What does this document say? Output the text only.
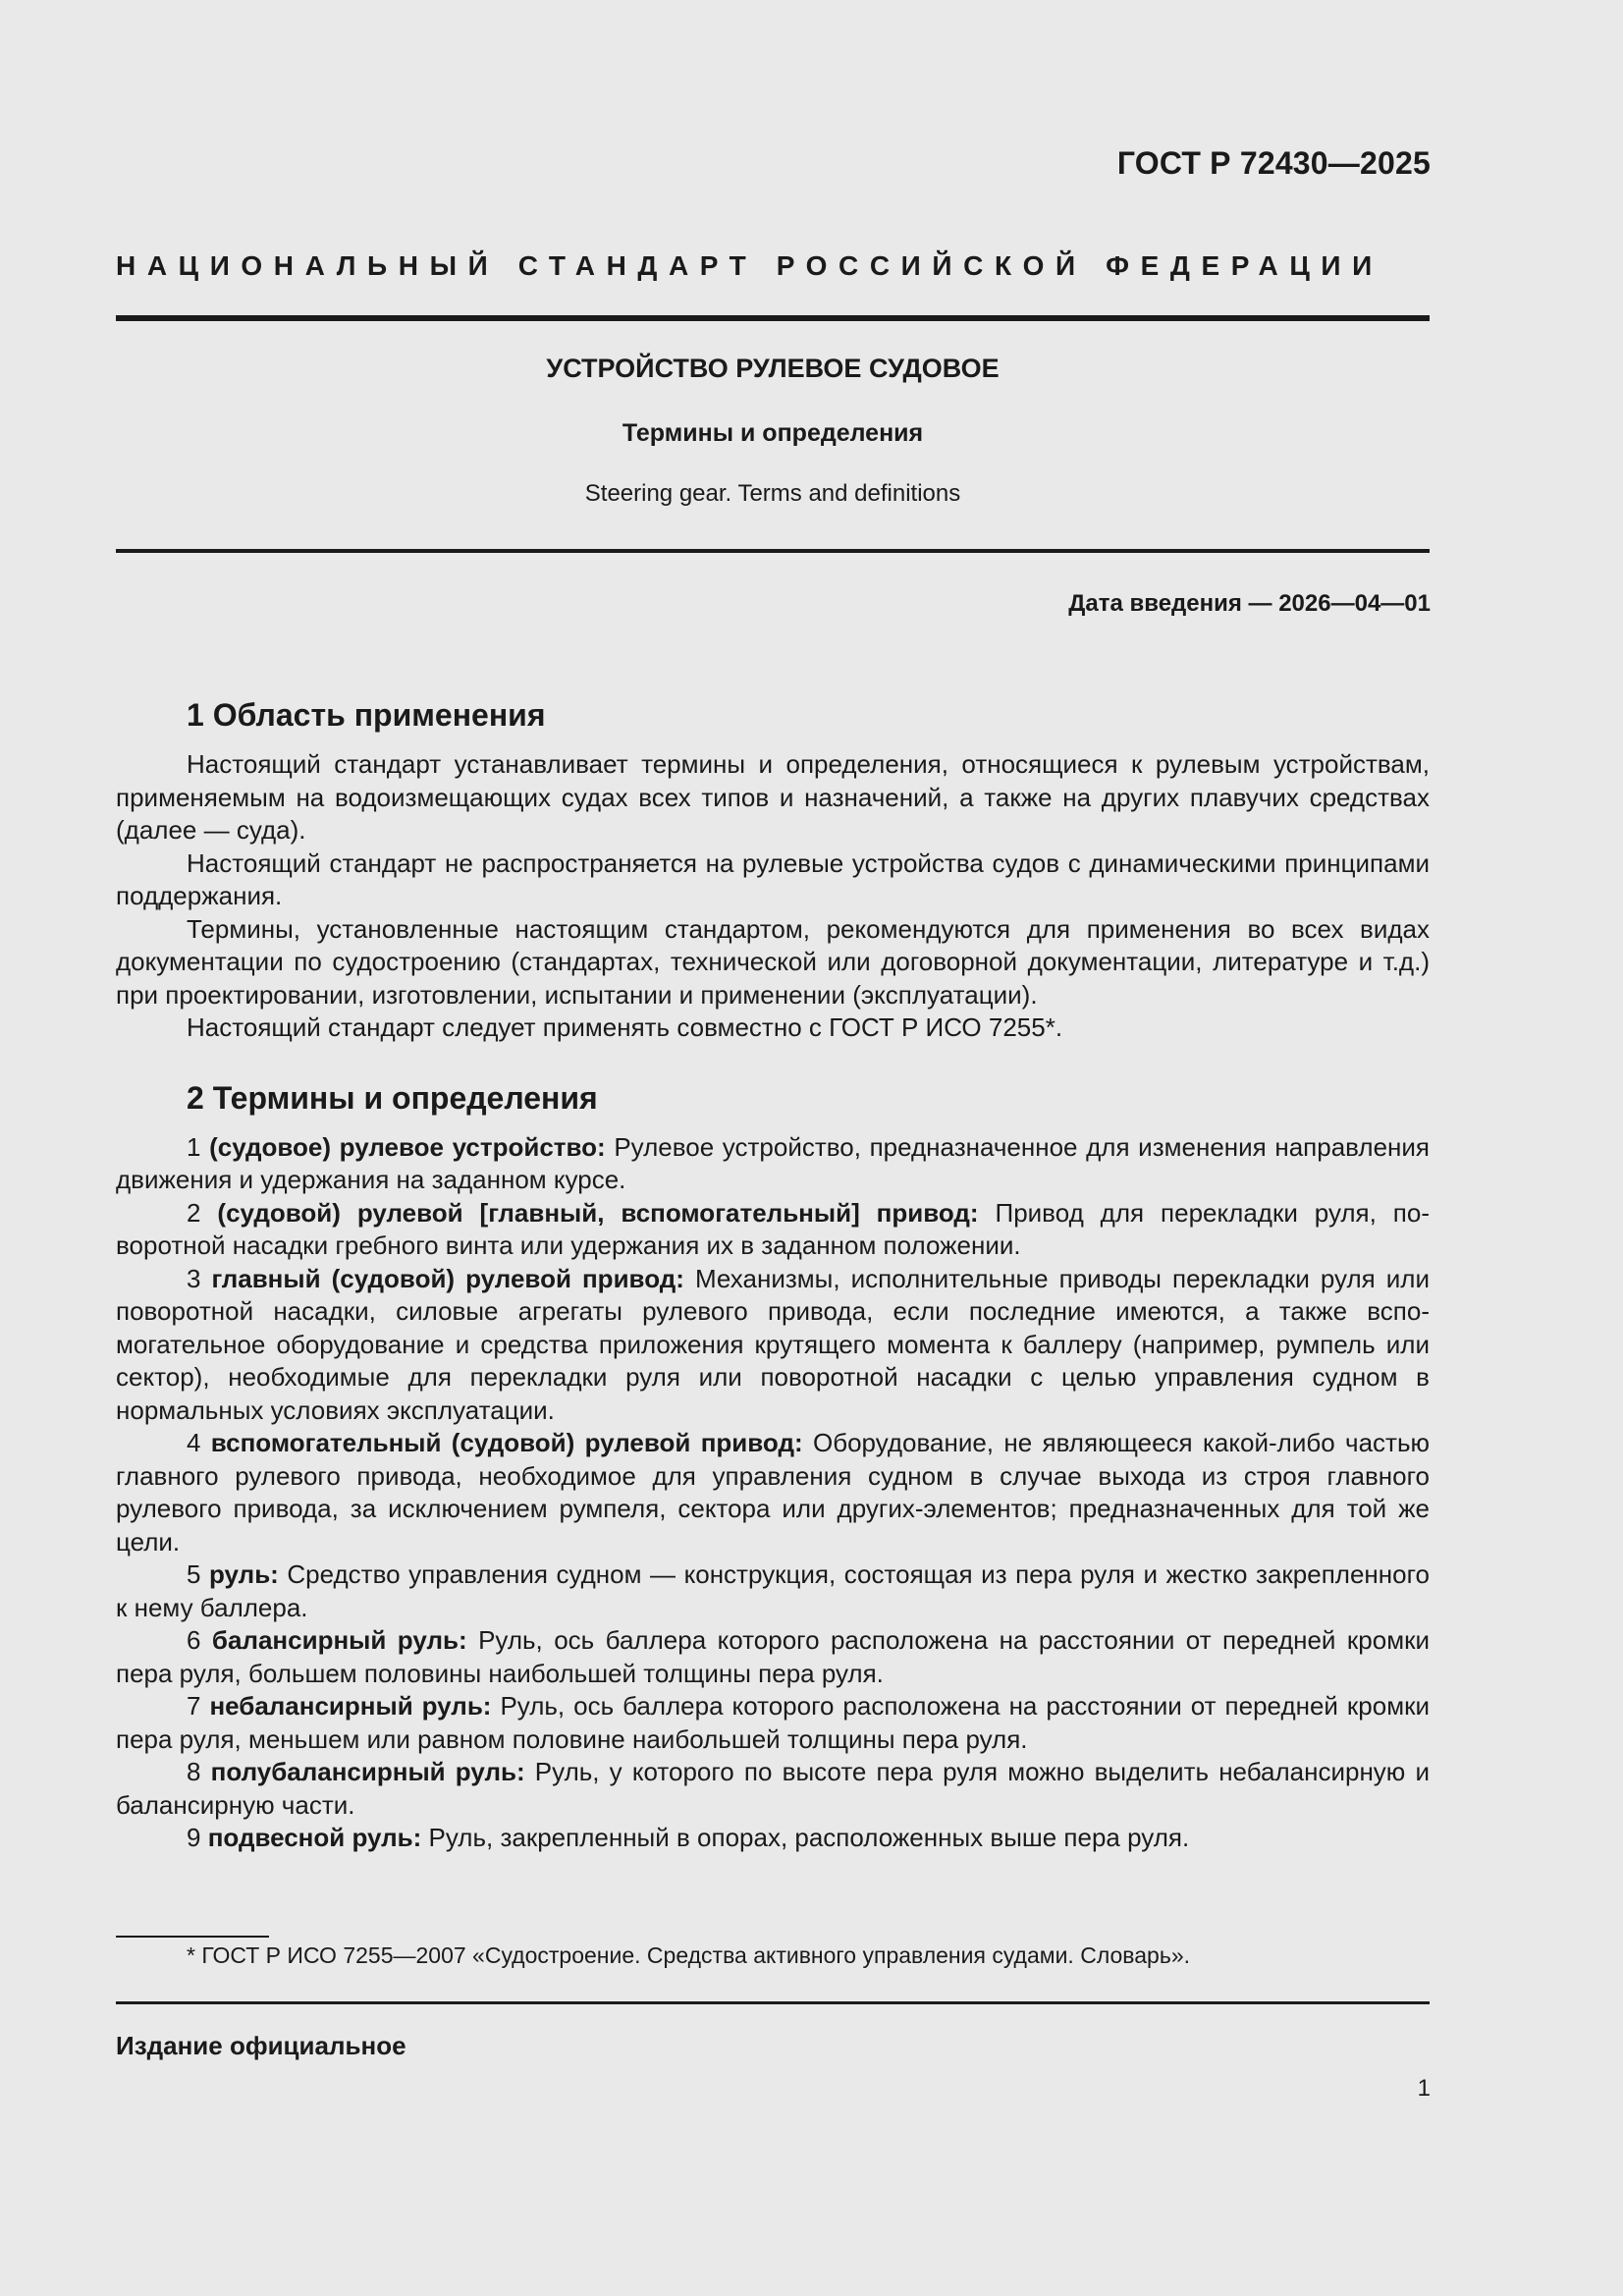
ГОСТ Р 72430—2025
НАЦИОНАЛЬНЫЙ СТАНДАРТ РОССИЙСКОЙ ФЕДЕРАЦИИ
УСТРОЙСТВО РУЛЕВОЕ СУДОВОЕ
Термины и определения
Steering gear. Terms and definitions
Дата введения — 2026—04—01
1 Область применения

Настоящий стандарт устанавливает термины и определения, относящиеся к рулевым устройствам, применяемым на водоизмещающих судах всех типов и назначений, а также на других плавучих средствах (далее — суда).

Настоящий стандарт не распространяется на рулевые устройства судов с динамическими принципами поддержания.

Термины, установленные настоящим стандартом, рекомендуются для применения во всех видах документации по судостроению (стандартах, технической или договорной документации, литературе и т.д.) при проектировании, изготовлении, испытании и применении (эксплуатации).

Настоящий стандарт следует применять совместно с ГОСТ Р ИСО 7255*.

2 Термины и определения

1 (судовое) рулевое устройство: Рулевое устройство, предназначенное для изменения направления движения и удержания на заданном курсе.

2 (судовой) рулевой [главный, вспомогательный] привод: Привод для перекладки руля, поворотной насадки гребного винта или удержания их в заданном положении.

3 главный (судовой) рулевой привод: Механизмы, исполнительные приводы перекладки руля или поворотной насадки, силовые агрегаты рулевого привода, если последние имеются, а также вспомогательное оборудование и средства приложения крутящего момента к баллеру (например, румпель или сектор), необходимые для перекладки руля или поворотной насадки с целью управления судном в нормальных условиях эксплуатации.

4 вспомогательный (судовой) рулевой привод: Оборудование, не являющееся какой-либо частью главного рулевого привода, необходимое для управления судном в случае выхода из строя главного рулевого привода, за исключением румпеля, сектора или других-элементов; предназначенных для той же цели.

5 руль: Средство управления судном — конструкция, состоящая из пера руля и жестко закрепленного к нему баллера.

6 балансирный руль: Руль, ось баллера которого расположена на расстоянии от передней кромки пера руля, большем половины наибольшей толщины пера руля.

7 небалансирный руль: Руль, ось баллера которого расположена на расстоянии от передней кромки пера руля, меньшем или равном половине наибольшей толщины пера руля.

8 полубалансирный руль: Руль, у которого по высоте пера руля можно выделить небалансирную и балансирную части.

9 подвесной руль: Руль, закрепленный в опорах, расположенных выше пера руля.

* ГОСТ Р ИСО 7255—2007 «Судостроение. Средства активного управления судами. Словарь».
Издание официальное
1
